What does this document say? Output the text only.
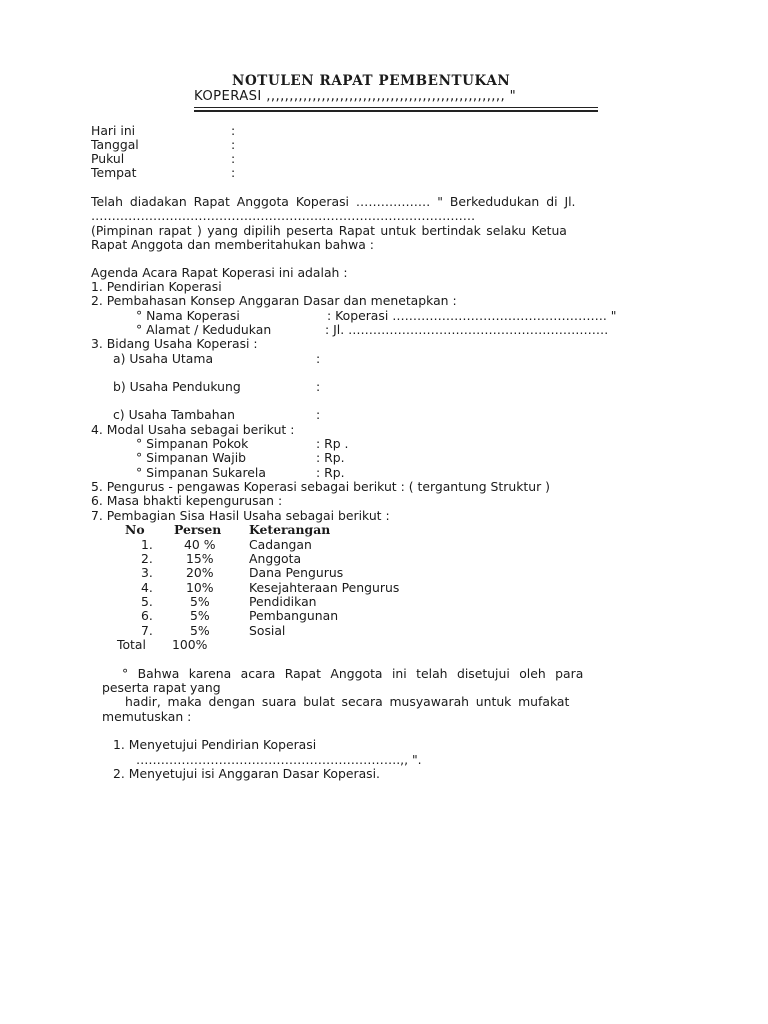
NOTULEN RAPAT PEMBENTUKAN
KOPERASI ,,,,,,,,,,,,,,,,,,,,,,,,,,,,,,,,,,,,,,,,,,,,,,,,,,,, "
Hari ini	:
Tanggal	:
Pukul	:
Tempat	:
Telah diadakan Rapat Anggota Koperasi ……………… " Berkedudukan di Jl.
…………………………………………………………………………………
(Pimpinan rapat ) yang dipilih peserta Rapat untuk bertindak selaku Ketua
Rapat Anggota dan memberitahukan bahwa :
Agenda Acara Rapat Koperasi ini adalah :
1. Pendirian Koperasi
2. Pembahasan Konsep Anggaran Dasar dan menetapkan :
° Nama Koperasi	: Koperasi ……………………………………………. "
° Alamat / Kedudukan	: Jl. ………………………………………………………
3. Bidang Usaha Koperasi :
a) Usaha Utama	:
b) Usaha Pendukung	:
c) Usaha Tambahan	:
4. Modal Usaha sebagai berikut :
° Simpanan Pokok	: Rp .
° Simpanan Wajib	: Rp.
° Simpanan Sukarela	: Rp.
5. Pengurus - pengawas Koperasi sebagai berikut : ( tergantung Struktur )
6. Masa bhakti kepengurusan :
7. Pembagian Sisa Hasil Usaha sebagai berikut :
No Persen Keterangan
1.	40 %	Cadangan
2.	15%	Anggota
3.	20%	Dana Pengurus
4.	10%	Kesejahteraan Pengurus
5.	5%	Pendidikan
6.	5%	Pembangunan
7.	5%	Sosial
Total 100%
° Bahwa karena acara Rapat Anggota ini telah disetujui oleh para
peserta rapat yang
hadir, maka dengan suara bulat secara musyawarah untuk mufakat
memutuskan :
1. Menyetujui Pendirian Koperasi
……………………………………………………….,, ".
2. Menyetujui isi Anggaran Dasar Koperasi.
